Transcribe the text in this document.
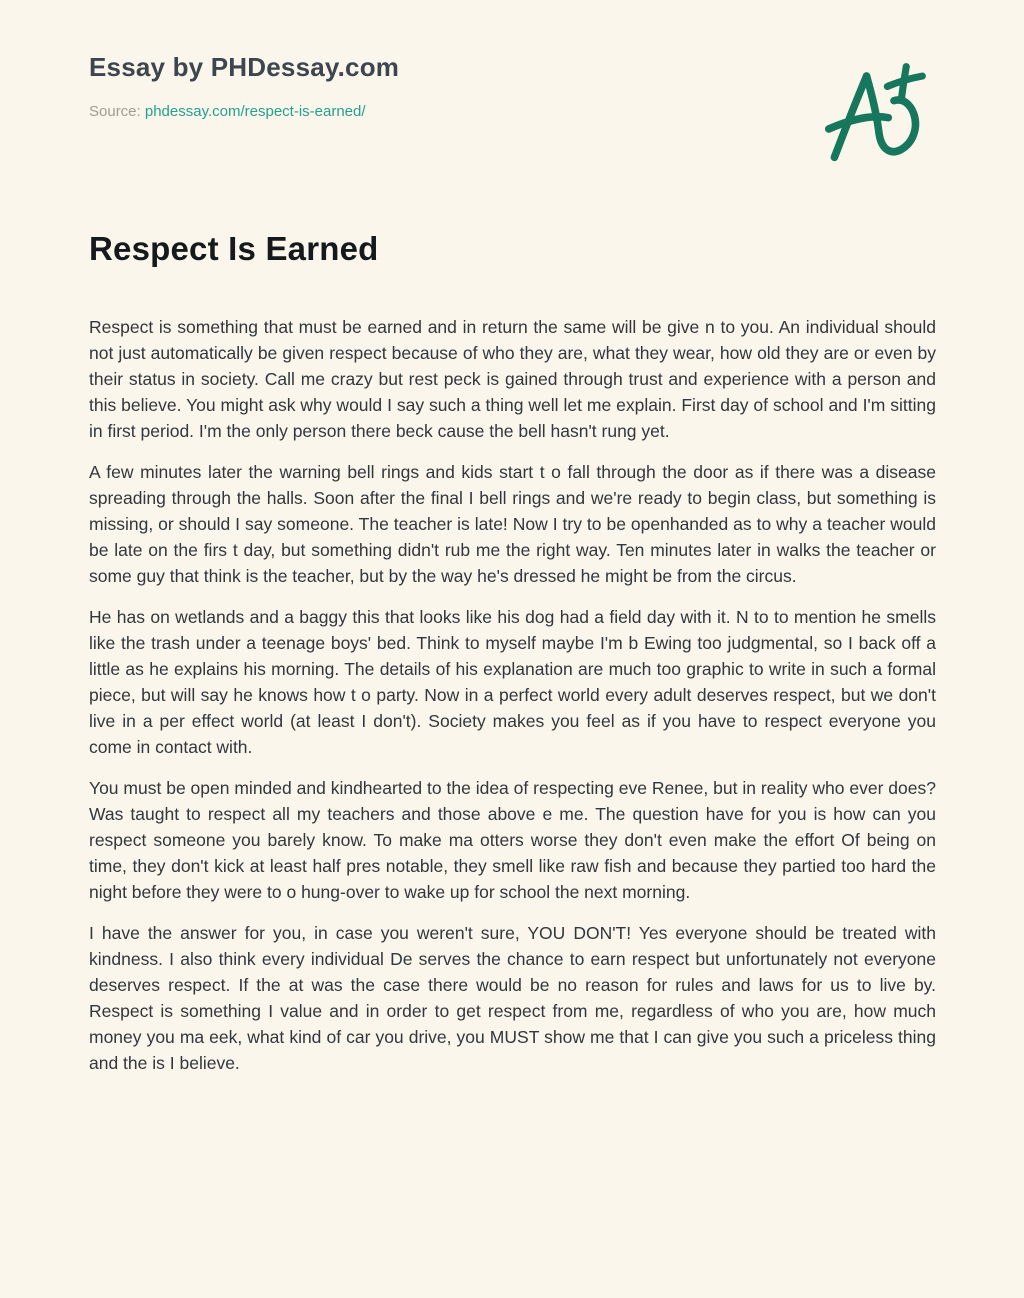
Essay by PHDessay.com

Source: phdessay.com/respect-is-earned/

Respect Is Earned

Respect is something that must be earned and in return the same will be give n to you. An individual should not just automatically be given respect because of who they are, what they wear, how old they are or even by their status in society. Call me crazy but rest peck is gained through trust and experience with a person and this believe. You might ask why would I say such a thing well let me explain. First day of school and I'm sitting in first period. I'm the only person there beck cause the bell hasn't rung yet.

A few minutes later the warning bell rings and kids start t o fall through the door as if there was a disease spreading through the halls. Soon after the final I bell rings and we're ready to begin class, but something is missing, or should I say someone. The teacher is late! Now I try to be openhanded as to why a teacher would be late on the firs t day, but something didn't rub me the right way. Ten minutes later in walks the teacher or some guy that think is the teacher, but by the way he's dressed he might be from the circus.

He has on wetlands and a baggy this that looks like his dog had a field day with it. N to to mention he smells like the trash under a teenage boys' bed. Think to myself maybe I'm b Ewing too judgmental, so I back off a little as he explains his morning. The details of his explanation are much too graphic to write in such a formal piece, but will say he knows how t o party. Now in a perfect world every adult deserves respect, but we don't live in a per effect world (at least I don't). Society makes you feel as if you have to respect everyone you come in contact with.

You must be open minded and kindhearted to the idea of respecting eve Renee, but in reality who ever does? Was taught to respect all my teachers and those above e me. The question have for you is how can you respect someone you barely know. To make ma otters worse they don't even make the effort Of being on time, they don't kick at least half pres notable, they smell like raw fish and because they partied too hard the night before they were to o hung-over to wake up for school the next morning.

I have the answer for you, in case you weren't sure, YOU DON'T! Yes everyone should be treated with kindness. I also think every individual De serves the chance to earn respect but unfortunately not everyone deserves respect. If the at was the case there would be no reason for rules and laws for us to live by. Respect is something I value and in order to get respect from me, regardless of who you are, how much money you ma eek, what kind of car you drive, you MUST show me that I can give you such a priceless thing and the is I believe.
